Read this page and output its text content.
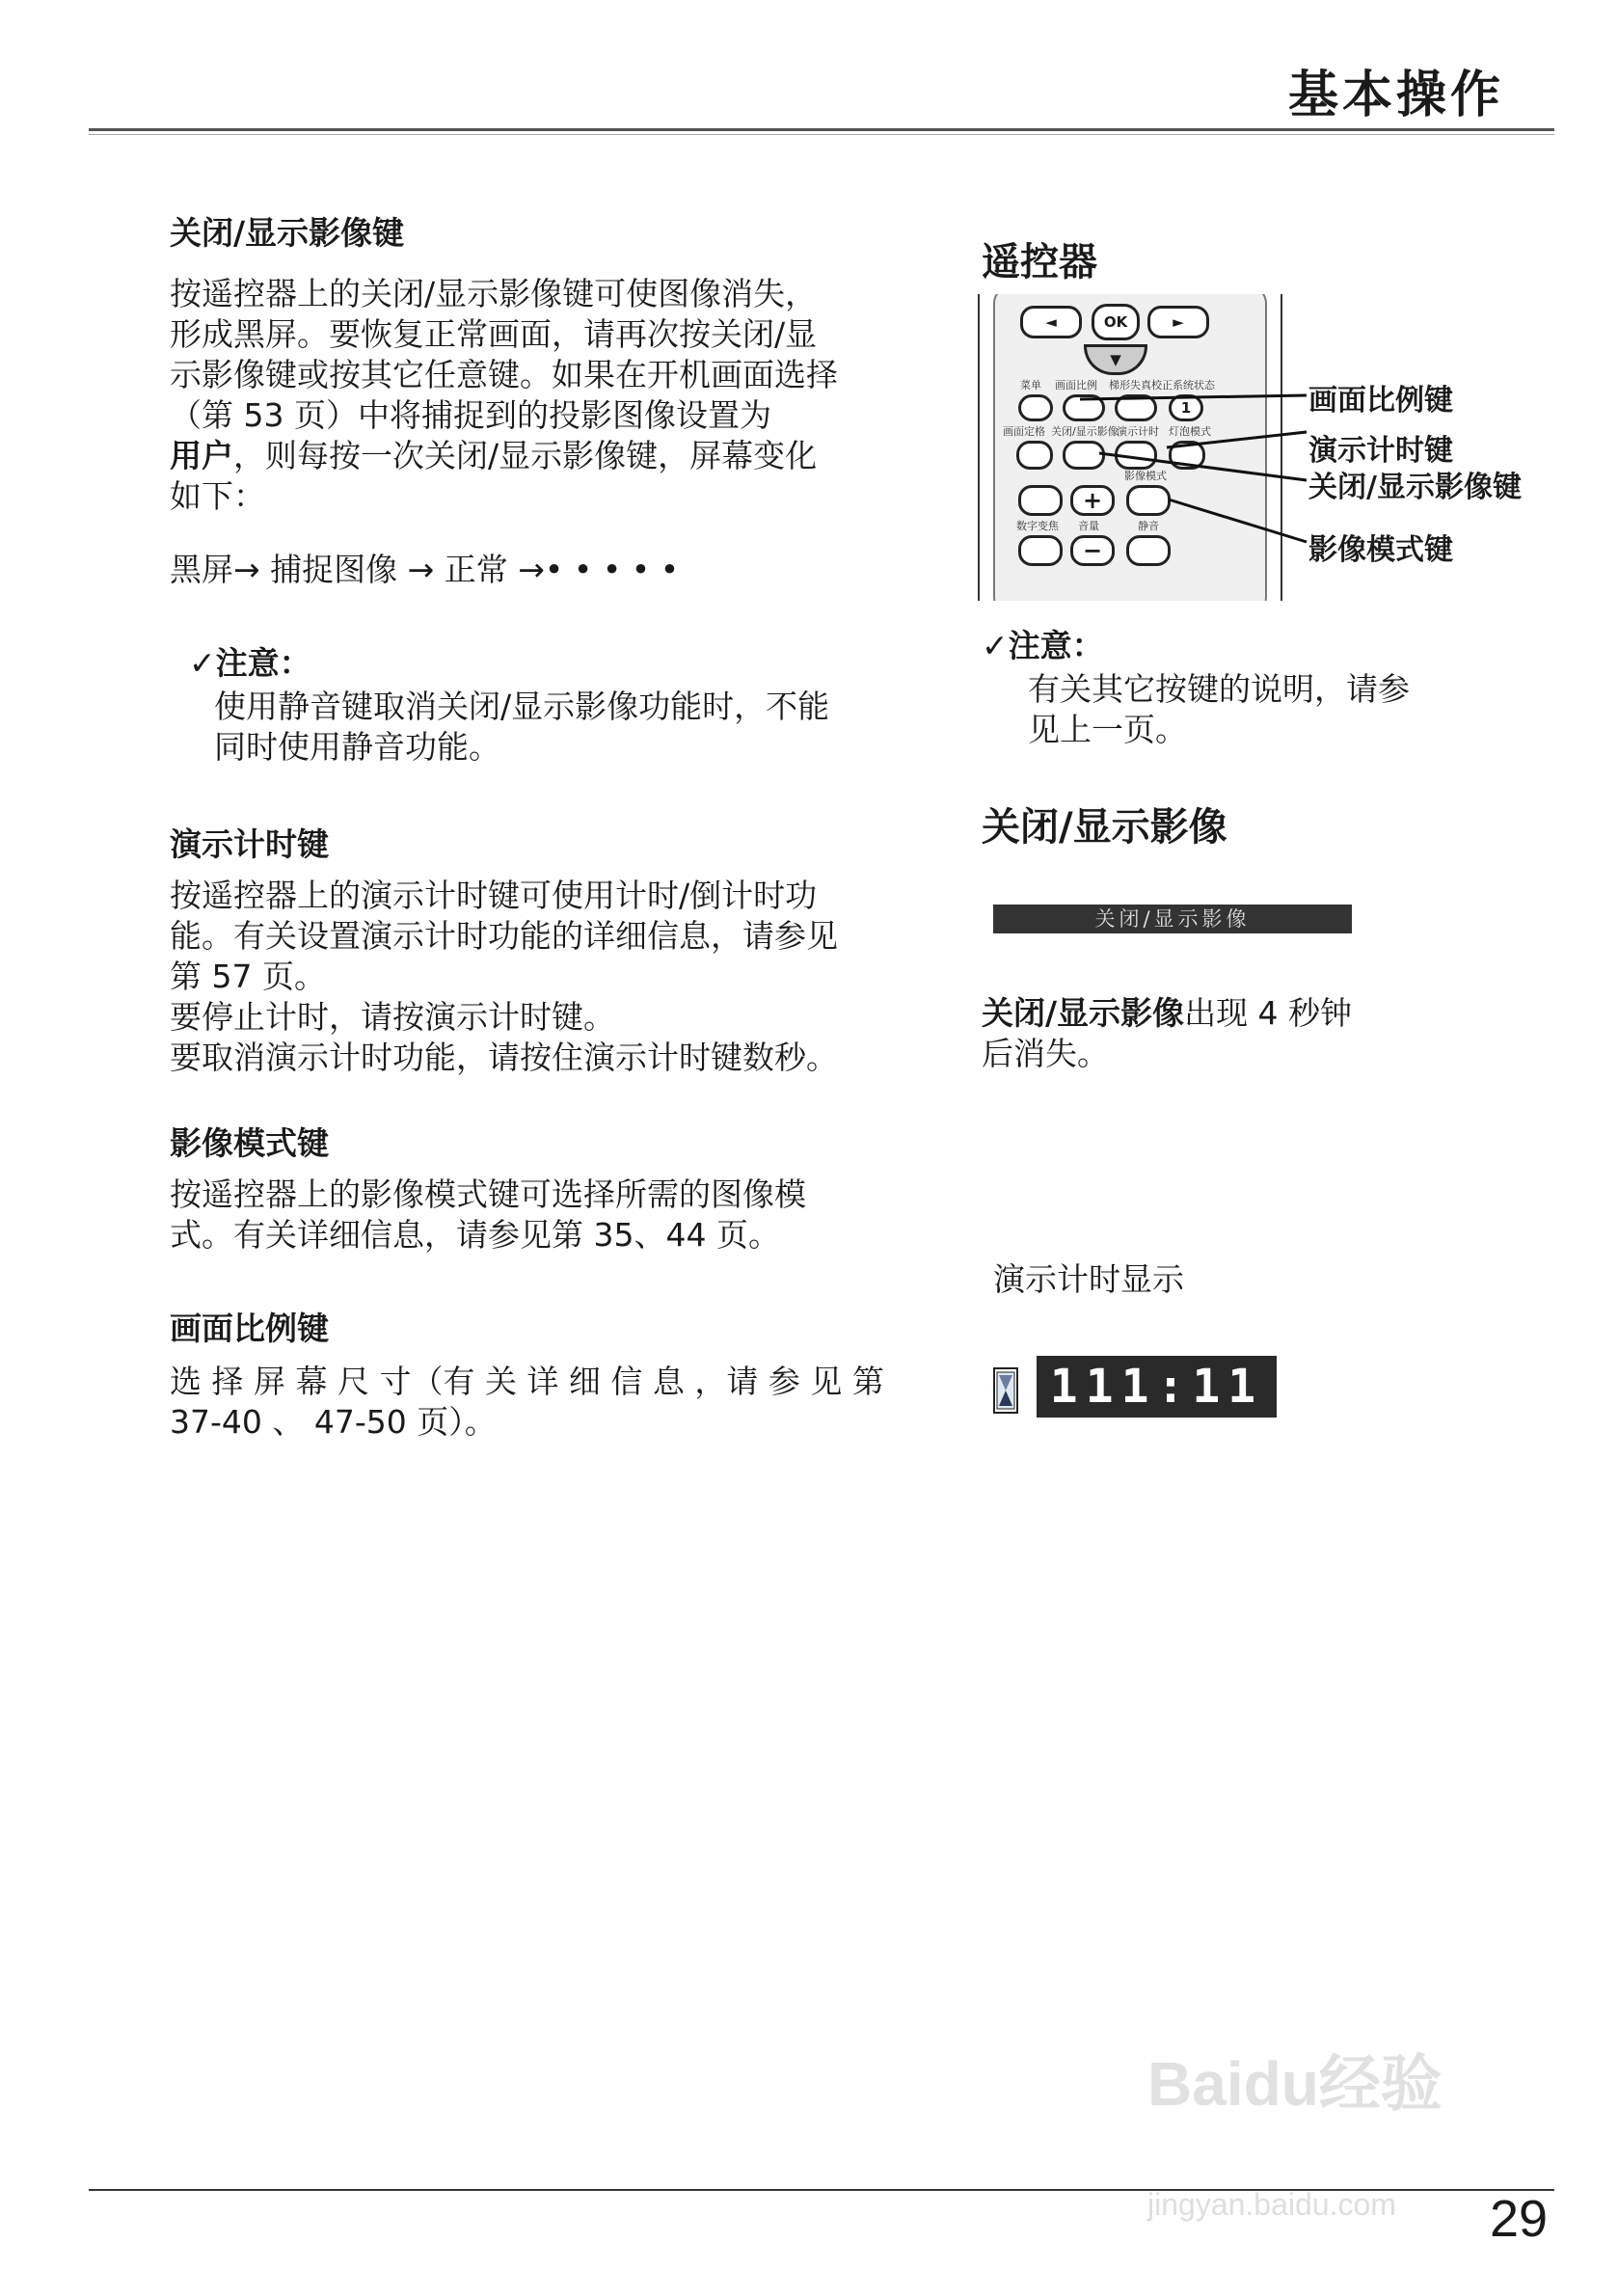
基本操作
关闭/显示影像键
按遥控器上的关闭/显示影像键可使图像消失，
形成黑屏。要恢复正常画面，请再次按关闭/显
示影像键或按其它任意键。如果在开机画面选择
（第 53 页）中将捕捉到的投影图像设置为
用户，则每按一次关闭/显示影像键，屏幕变化
如下：
黑屏→ 捕捉图像 → 正常 →• • • • •
✓注意：
使用静音键取消关闭/显示影像功能时，不能
同时使用静音功能。
演示计时键
按遥控器上的演示计时键可使用计时/倒计时功
能。有关设置演示计时功能的详细信息，请参见
第 57 页。
要停止计时，请按演示计时键。
要取消演示计时功能，请按住演示计时键数秒。
影像模式键
按遥控器上的影像模式键可选择所需的图像模
式。有关详细信息，请参见第 35、44 页。
画面比例键
选 择 屏 幕 尺 寸（有 关 详 细 信 息 ，请 参 见 第
37-40 、 47-50 页）。
遥控器
◄	OK	►
▼
菜单 画面比例 梯形失真校正 系统状态
1
画面定格 关闭/显示影像
演示计时 灯泡模式
影像模式
+
数字变焦 音量	静音
−
画面比例键
演示计时键
关闭/显示影像键
影像模式键
✓注意：
有关其它按键的说明，请参
见上一页。
关闭/显示影像
关闭/显示影像
关闭/显示影像出现 4 秒钟
后消失。
演示计时显示
111:11
Baidu经验
jingyan.baidu.com 29
